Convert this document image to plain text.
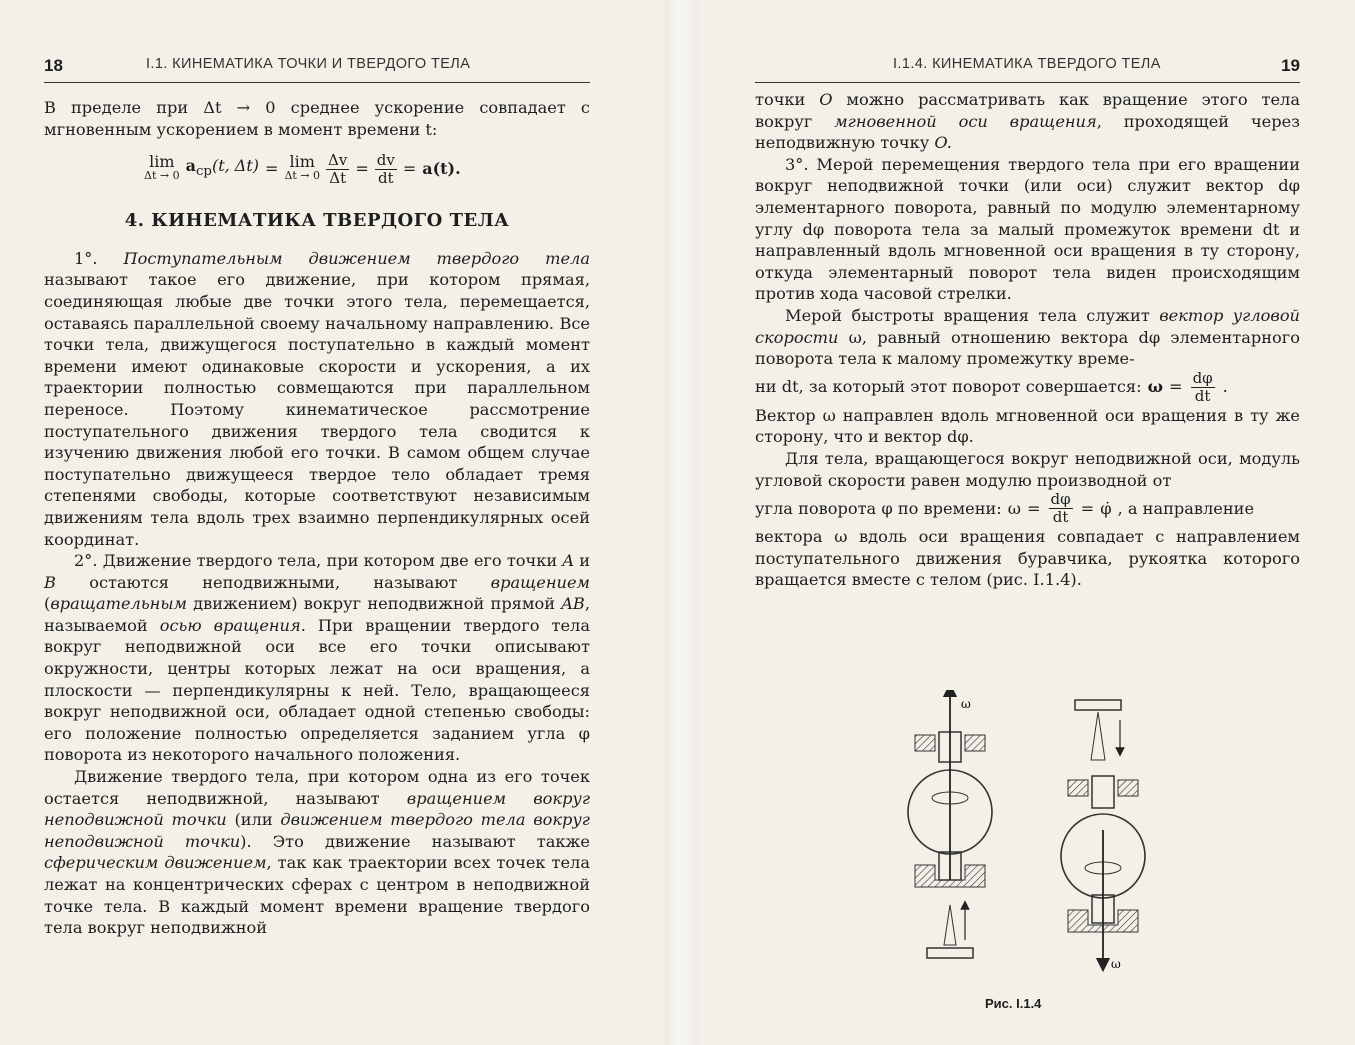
18	I.1. КИНЕМАТИКА ТОЧКИ И ТВЕРДОГО ТЕЛА

В пределе при Δt → 0 среднее ускорение совпадает с мгновенным ускорением в момент времени t:

lim
Δt → 0
$a_{ср}(t$, Δt) = lim
$\Delta t \to 0 \frac{\Delta v}{\Delta t} = \frac{dv}{dt} = a(t)$.
4. КИНЕМАТИКА ТВЕРДОГО ТЕЛА

1°. Поступательным движением твердого тела называют такое его движение, при котором прямая, соединяющая любые две точки этого тела, перемещается, оставаясь параллельной своему начальному направлению. Все точки тела, движущегося поступательно в каждый момент времени имеют одинаковые скорости и ускорения, а их траектории полностью совмещаются при параллельном переносе. Поэтому кинематическое рассмотрение поступательного движения твердого тела сводится к изучению движения любой его точки. В самом общем случае поступательно движущееся твердое тело обладает тремя степенями свободы, которые соответствуют независимым движениям тела вдоль трех взаимно перпендикулярных осей координат.

2°. Движение твердого тела, при котором две его точки A и B остаются неподвижными, называют вращением (вращательным движением) вокруг неподвижной прямой AB, называемой осью вращения. При вращении твердого тела вокруг неподвижной оси все его точки описывают окружности, центры которых лежат на оси вращения, а плоскости — перпендикулярны к ней. Тело, вращающееся вокруг неподвижной оси, обладает одной степенью свободы: его положение полностью определяется заданием угла φ поворота из некоторого начального положения.

Движение твердого тела, при котором одна из его точек остается неподвижной, называют вращением вокруг неподвижной точки (или движением твердого тела вокруг неподвижной точки). Это движение называют также сферическим движением, так как траектории всех точек тела лежат на концентрических сферах с центром в неподвижной точке тела. В каждый момент времени вращение твердого тела вокруг неподвижной

I.1.4. КИНЕМАТИКА ТВЕРДОГО ТЕЛА	19

точки O можно рассматривать как вращение этого тела вокруг мгновенной оси вращения, проходящей через неподвижную точку O.

3°. Мерой перемещения твердого тела при его вращении вокруг неподвижной точки (или оси) служит вектор dφ элементарного поворота, равный по модулю элементарному углу dφ поворота тела за малый промежуток времени dt и направленный вдоль мгновенной оси вращения в ту сторону, откуда элементарный поворот тела виден происходящим против хода часовой стрелки.

Мерой быстроты вращения тела служит вектор угловой скорости ω, равный отношению вектора dφ элементарного поворота тела к малому промежутку време-

ни dt, за который этот поворот совершается: $\omega = \frac{d\varphi}{dt}$ .

Вектор ω направлен вдоль мгновенной оси вращения в ту же сторону, что и вектор dφ.

Для тела, вращающегося вокруг неподвижной оси, модуль угловой скорости равен модулю производной от

угла поворота φ по времени: $\omega = \frac{d\varphi}{dt}$ = φ̇ , а направление

вектора ω вдоль оси вращения совпадает с направлением поступательного движения буравчика, рукоятка которого вращается вместе с телом (рис. I.1.4).

ω
ω
Рис. I.1.4
